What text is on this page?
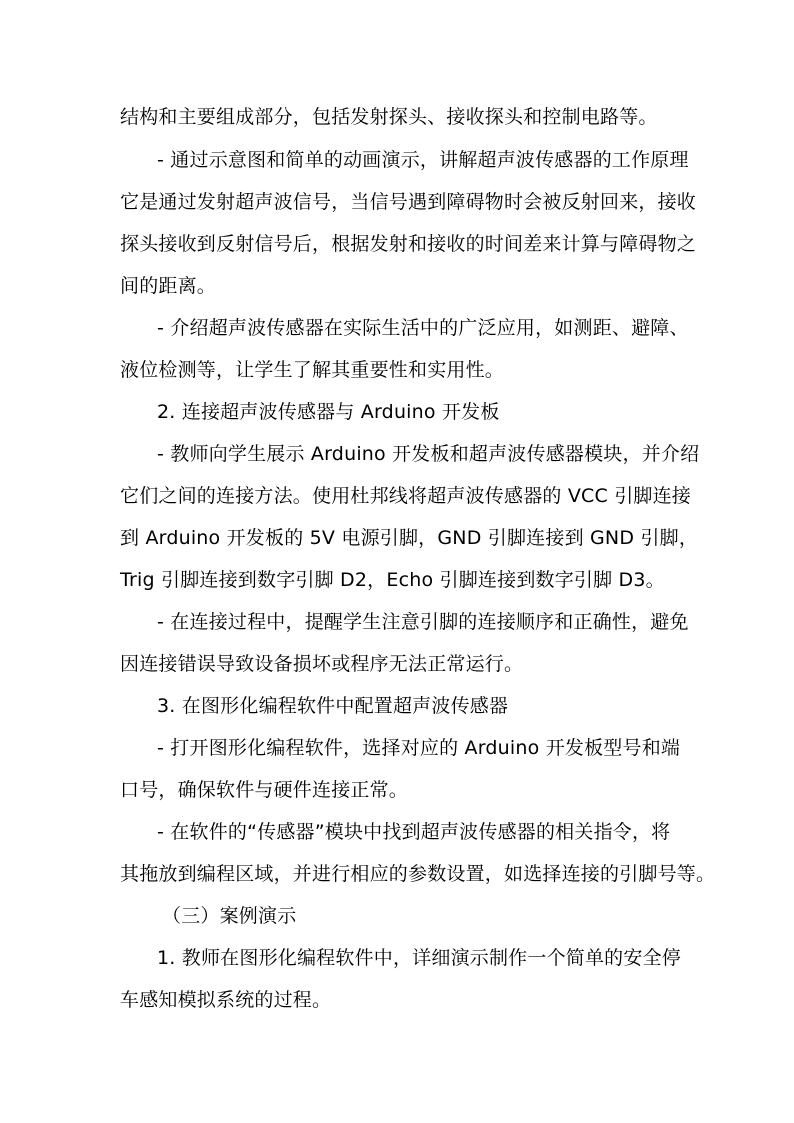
结构和主要组成部分，包括发射探头、接收探头和控制电路等。
- 通过示意图和简单的动画演示，讲解超声波传感器的工作原理
它是通过发射超声波信号，当信号遇到障碍物时会被反射回来，接收
探头接收到反射信号后，根据发射和接收的时间差来计算与障碍物之
间的距离。
- 介绍超声波传感器在实际生活中的广泛应用，如测距、避障、
液位检测等，让学生了解其重要性和实用性。
2. 连接超声波传感器与 Arduino 开发板
- 教师向学生展示 Arduino 开发板和超声波传感器模块，并介绍
它们之间的连接方法。使用杜邦线将超声波传感器的 VCC 引脚连接
到 Arduino 开发板的 5V 电源引脚，GND 引脚连接到 GND 引脚，
Trig 引脚连接到数字引脚 D2，Echo 引脚连接到数字引脚 D3。
- 在连接过程中，提醒学生注意引脚的连接顺序和正确性，避免
因连接错误导致设备损坏或程序无法正常运行。
3. 在图形化编程软件中配置超声波传感器
- 打开图形化编程软件，选择对应的 Arduino 开发板型号和端
口号，确保软件与硬件连接正常。
- 在软件的“传感器”模块中找到超声波传感器的相关指令，将
其拖放到编程区域，并进行相应的参数设置，如选择连接的引脚号等。
（三）案例演示
1. 教师在图形化编程软件中，详细演示制作一个简单的安全停
车感知模拟系统的过程。
